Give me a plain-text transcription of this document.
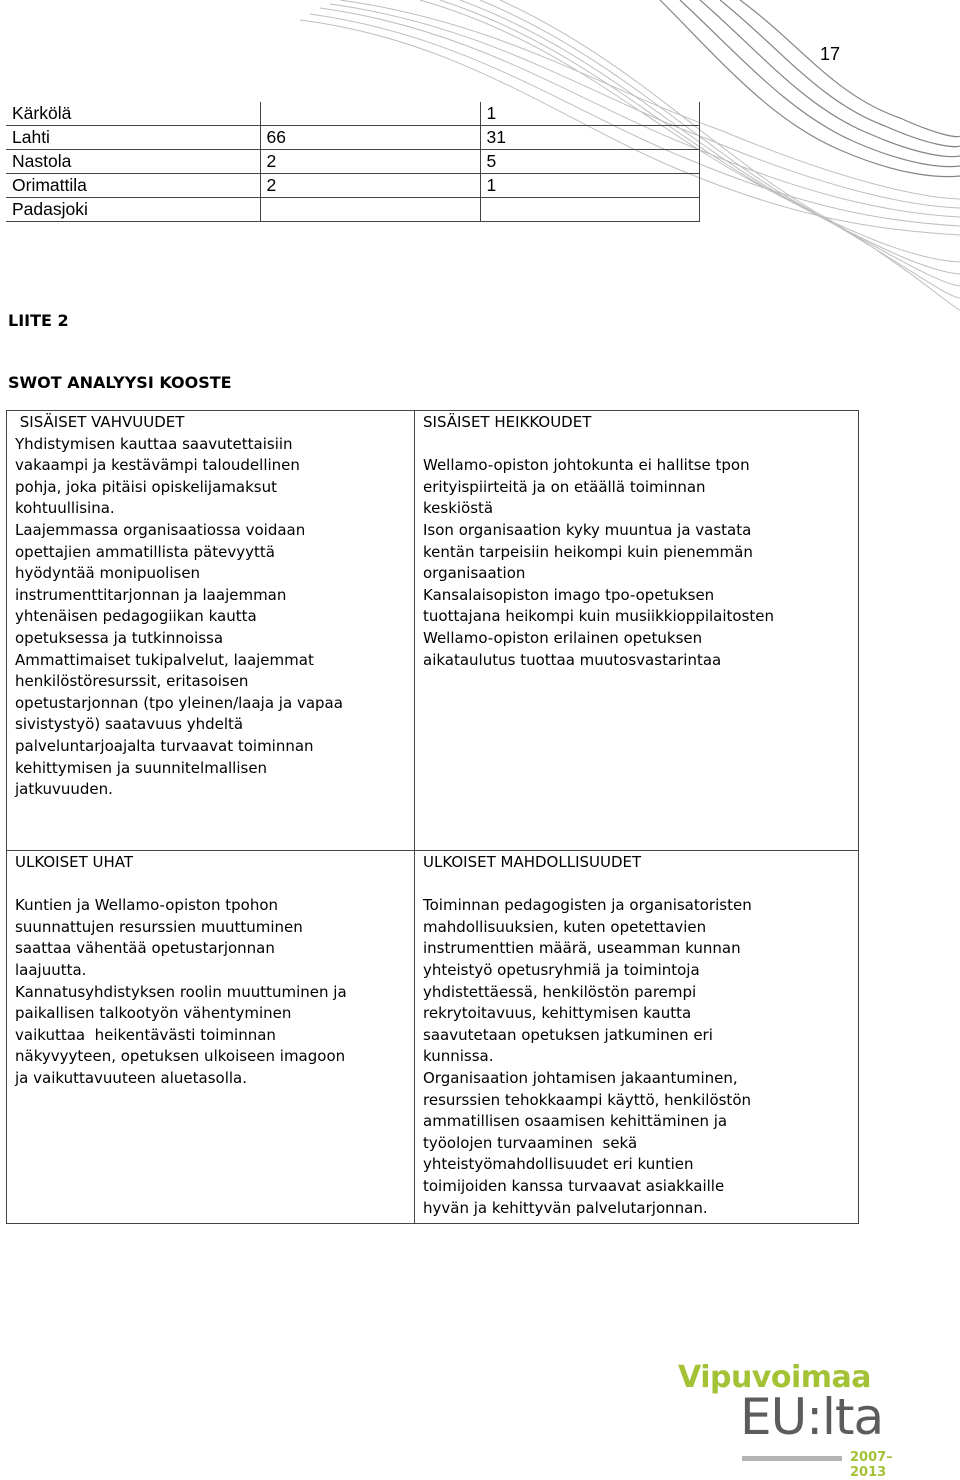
17
Kärkölä		1
Lahti	66	31
Nastola	2	5
Orimattila	2	1
Padasjoki		
LIITE 2
SWOT ANALYYSI KOOSTE
SISÄISET VAHVUUDET
Yhdistymisen kauttaa saavutettaisiin
vakaampi ja kestävämpi taloudellinen
pohja, joka pitäisi opiskelijamaksut
kohtuullisina.
Laajemmassa organisaatiossa voidaan
opettajien ammatillista pätevyyttä
hyödyntää monipuolisen
instrumenttitarjonnan ja laajemman
yhtenäisen pedagogiikan kautta
opetuksessa ja tutkinnoissa
Ammattimaiset tukipalvelut, laajemmat
henkilöstöresurssit, eritasoisen
opetustarjonnan (tpo yleinen/laaja ja vapaa
sivistystyö) saatavuus yhdeltä
palveluntarjoajalta turvaavat toiminnan
kehittymisen ja suunnitelmallisen
jatkuvuuden.

SISÄISET HEIKKOUDET
Wellamo-opiston johtokunta ei hallitse tpon
erityispiirteitä ja on etäällä toiminnan
keskiöstä
Ison organisaation kyky muuntua ja vastata
kentän tarpeisiin heikompi kuin pienemmän
organisaation
Kansalaisopiston imago tpo-opetuksen
tuottajana heikompi kuin musiikkioppilaitosten
Wellamo-opiston erilainen opetuksen
aikataulutus tuottaa muutosvastarintaa
ULKOISET UHAT
Kuntien ja Wellamo-opiston tpohon
suunnattujen resurssien muuttuminen
saattaa vähentää opetustarjonnan
laajuutta.
Kannatusyhdistyksen roolin muuttuminen ja
paikallisen talkootyön vähentyminen
vaikuttaa  heikentävästi toiminnan
näkyvyyteen, opetuksen ulkoiseen imagoon
ja vaikuttavuuteen aluetasolla.

ULKOISET MAHDOLLISUUDET
Toiminnan pedagogisten ja organisatoristen
mahdollisuuksien, kuten opetettavien
instrumenttien määrä, useamman kunnan
yhteistyö opetusryhmiä ja toimintoja
yhdistettäessä, henkilöstön parempi
rekrytoitavuus, kehittymisen kautta
saavutetaan opetuksen jatkuminen eri
kunnissa.
Organisaation johtamisen jakaantuminen,
resurssien tehokkaampi käyttö, henkilöstön
ammatillisen osaamisen kehittäminen ja
työolojen turvaaminen  sekä
yhteistyömahdollisuudet eri kuntien
toimijoiden kanssa turvaavat asiakkaille
hyvän ja kehittyvän palvelutarjonnan.
Vipuvoimaa
EU:lta
2007–2013
